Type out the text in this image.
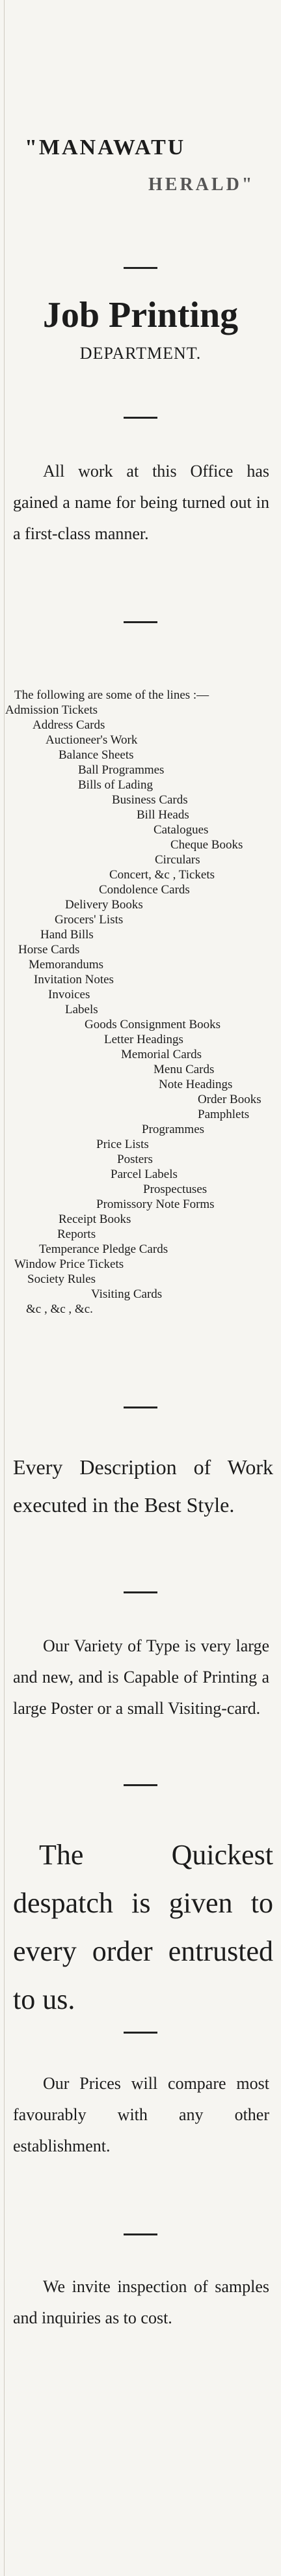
"MANAWATU
HERALD"
Job Printing
DEPARTMENT.
All work at this Office has gained a name for being turned out in a first-class manner.
The following are some of the lines :—
Admission Tickets
Address Cards
Auctioneer's Work
Balance Sheets
Ball Programmes
Bills of Lading
Business Cards
Bill Heads
Catalogues
Cheque Books
Circulars
Concert, &c , Tickets
Condolence Cards
Delivery Books
Grocers' Lists
Hand Bills
Horse Cards
Memorandums
Invitation Notes
Invoices
Labels
Goods Consignment Books
Letter Headings
Memorial Cards
Menu Cards
Note Headings
Order Books
Pamphlets
Programmes
Price Lists
Posters
Parcel Labels
Prospectuses
Promissory Note Forms
Receipt Books
Reports
Temperance Pledge Cards
Window Price Tickets
Society Rules
Visiting Cards
&c , &c , &c.
Every Description of Work executed in the Best Style.
Our Variety of Type is very large and new, and is Capable of Printing a large Poster or a small Visiting-card.
The Quickest despatch is given to every order entrusted to us.
Our Prices will compare most favourably with any other establishment.
We invite inspection of samples and inquiries as to cost.
